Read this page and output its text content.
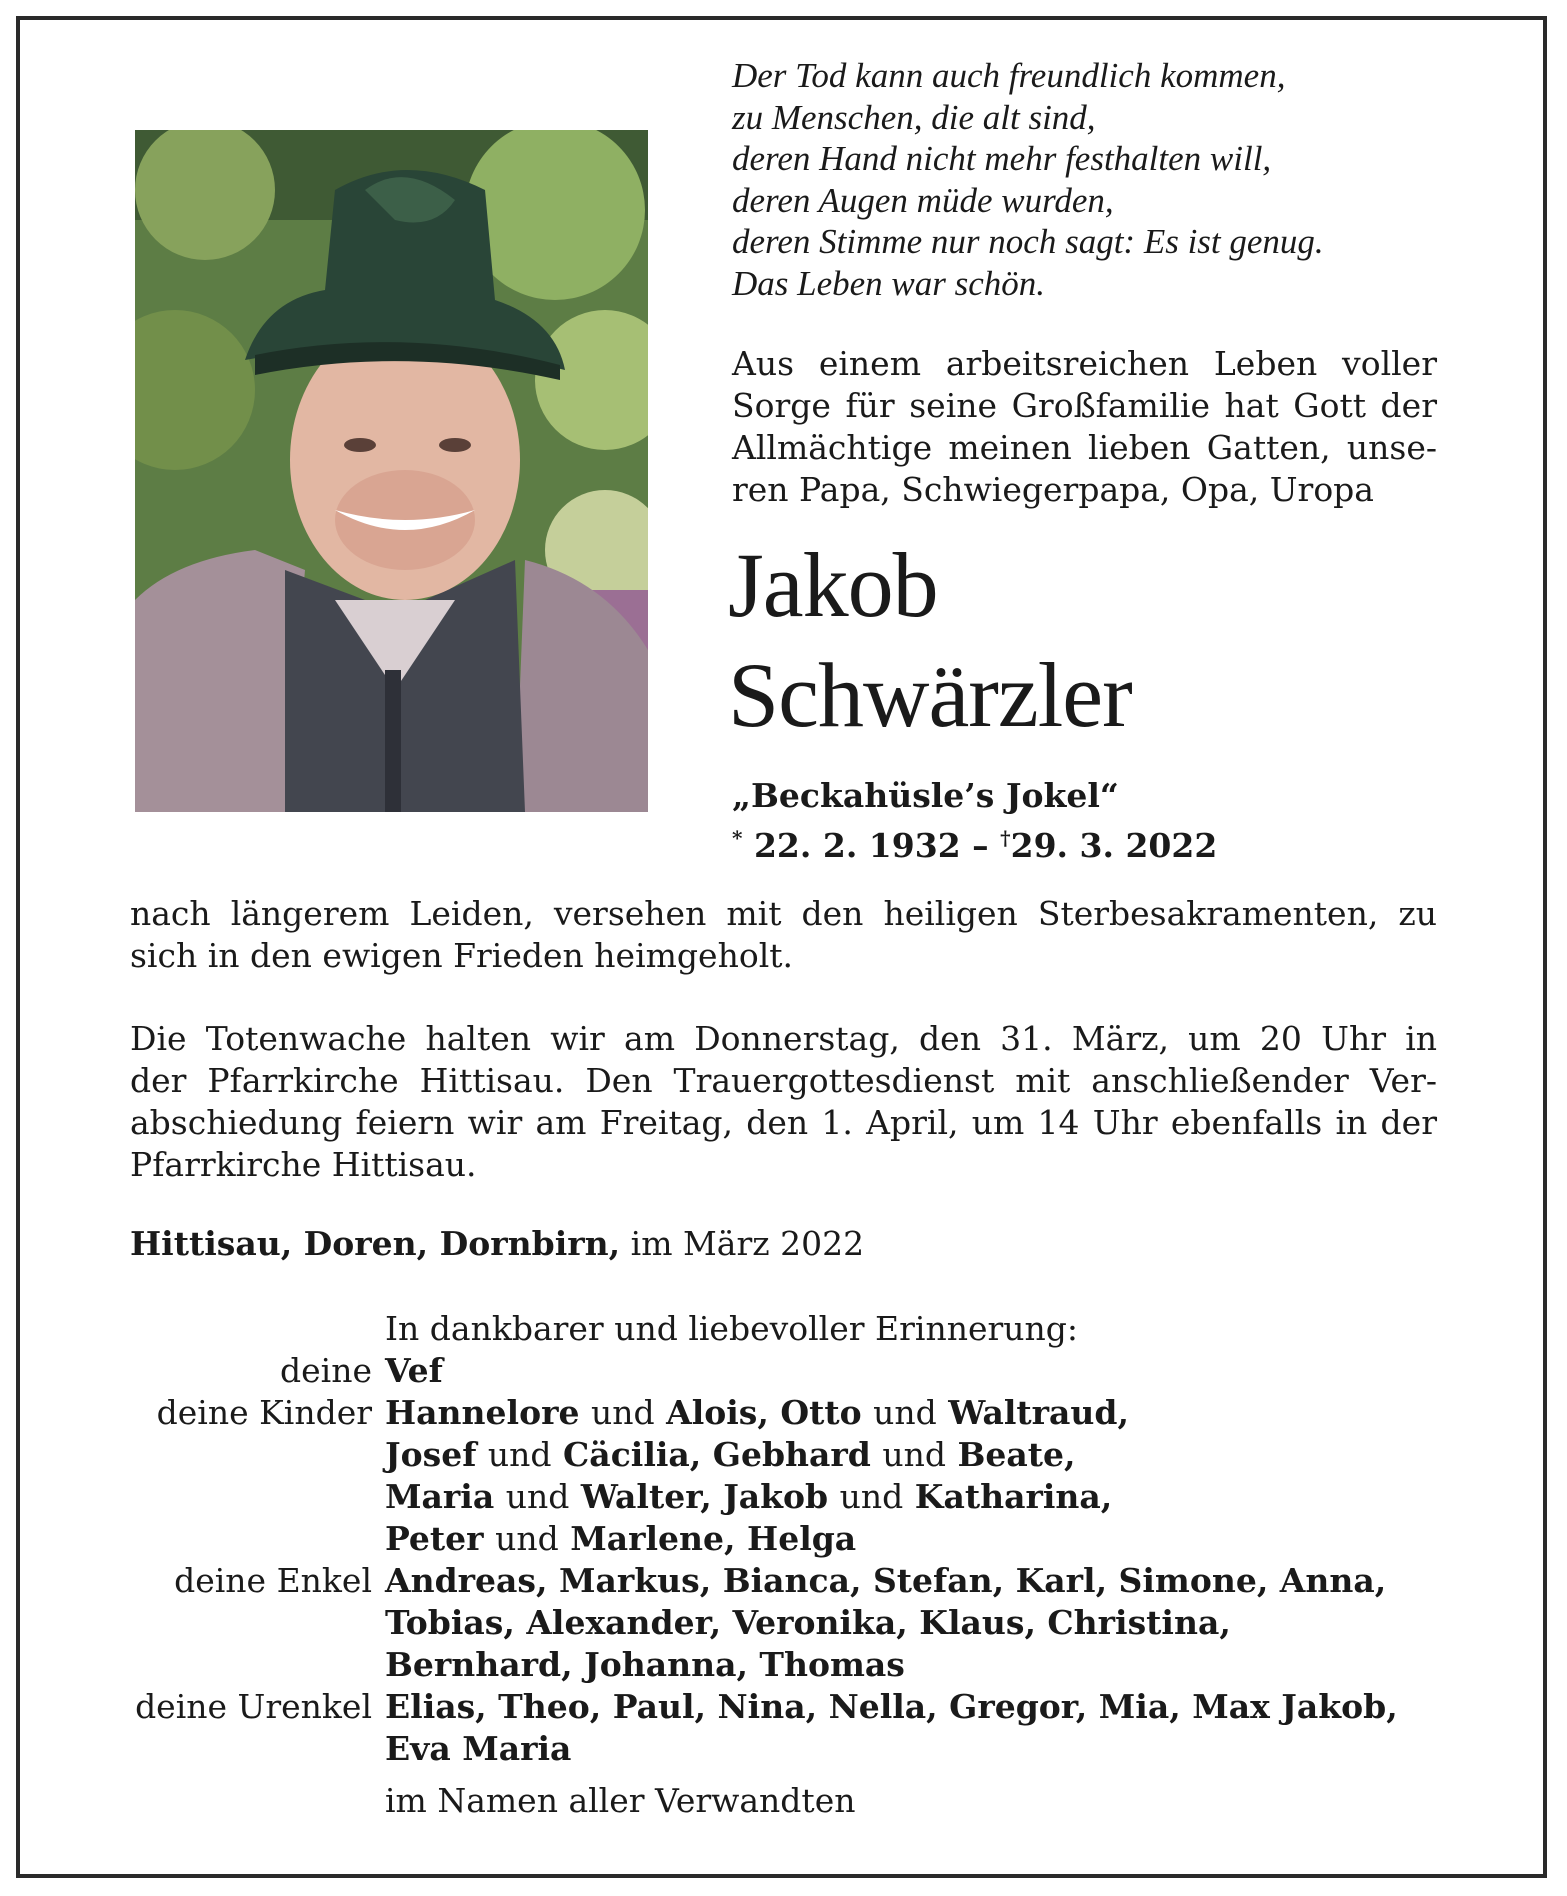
Der Tod kann auch freundlich kommen,
zu Menschen, die alt sind,
deren Hand nicht mehr festhalten will,
deren Augen müde wurden,
deren Stimme nur noch sagt: Es ist genug.
Das Leben war schön.
Aus einem arbeitsreichen Leben voller
Sorge für seine Großfamilie hat Gott der
Allmächtige meinen lieben Gatten, unse-
ren Papa, Schwiegerpapa, Opa, Uropa
Jakob
Schwärzler
„Beckahüsle’s Jokel“
* 22. 2. 1932 – †29. 3. 2022
nach längerem Leiden, versehen mit den heiligen Sterbesakramenten, zu
sich in den ewigen Frieden heimgeholt.
Die Totenwache halten wir am Donnerstag, den 31. März, um 20 Uhr in
der Pfarrkirche Hittisau. Den Trauergottesdienst mit anschließender Ver-
abschiedung feiern wir am Freitag, den 1. April, um 14 Uhr ebenfalls in der
Pfarrkirche Hittisau.
Hittisau, Doren, Dornbirn, im März 2022
In dankbarer und liebevoller Erinnerung:
deine Vef
deine Kinder Hannelore und Alois, Otto und Waltraud,
Josef und Cäcilia, Gebhard und Beate,
Maria und Walter, Jakob und Katharina,
Peter und Marlene, Helga
deine Enkel Andreas, Markus, Bianca, Stefan, Karl, Simone, Anna,
Tobias, Alexander, Veronika, Klaus, Christina,
Bernhard, Johanna, Thomas
deine Urenkel Elias, Theo, Paul, Nina, Nella, Gregor, Mia, Max Jakob,
Eva Maria
im Namen aller Verwandten
